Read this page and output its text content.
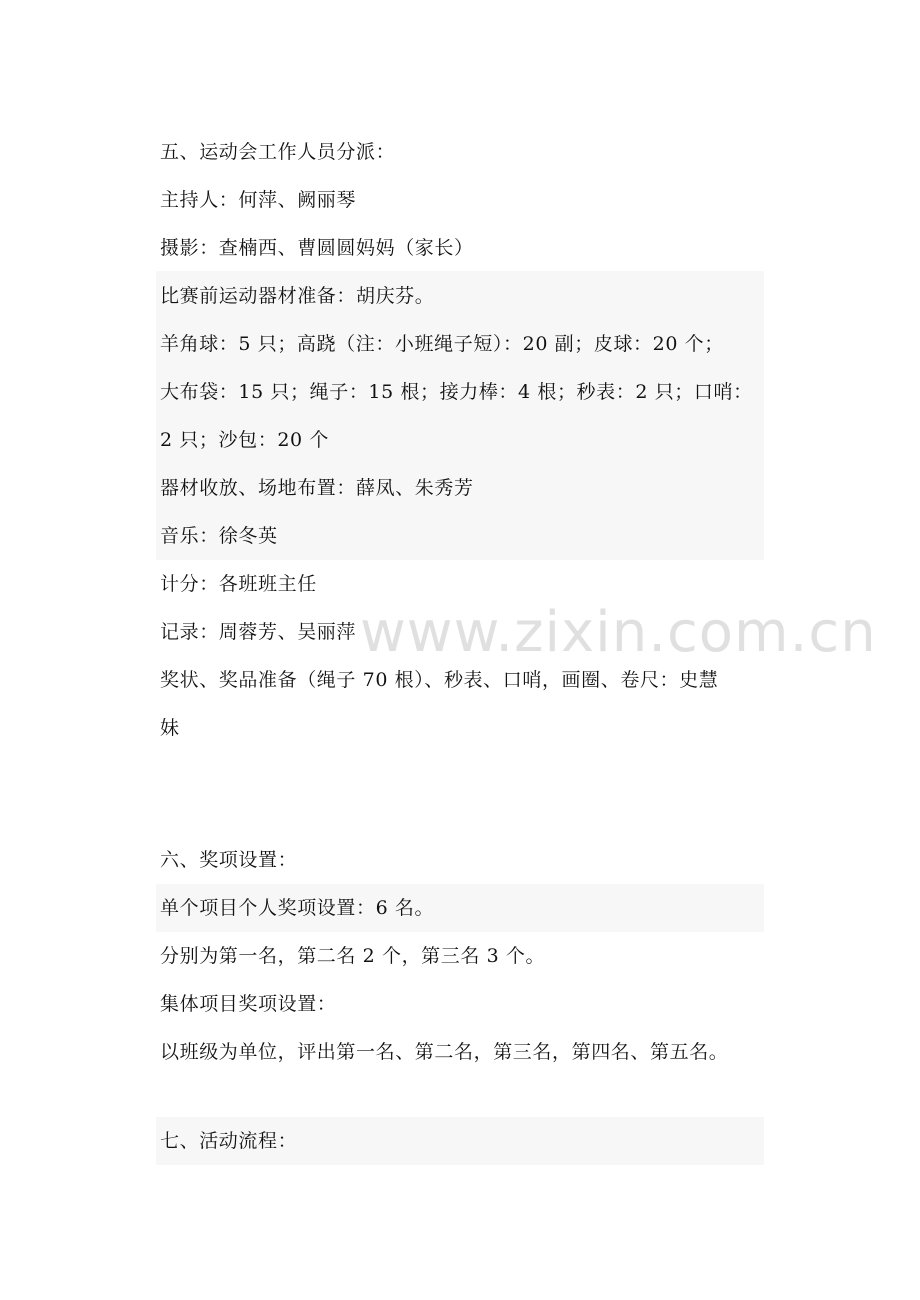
五、运动会工作人员分派：
主持人：何萍、阙丽琴
摄影：查楠西、曹圆圆妈妈（家长）
比赛前运动器材准备：胡庆芬。
羊角球：5 只；高跷（注：小班绳子短）：20 副；皮球：20 个；
大布袋：15 只；绳子：15 根；接力棒：4 根；秒表：2 只；口哨：
2 只；沙包：20 个
器材收放、场地布置：薛凤、朱秀芳
音乐：徐冬英
计分：各班班主任
记录：周蓉芳、吴丽萍
奖状、奖品准备（绳子 70 根）、秒表、口哨，画圈、卷尺：史慧
妹
六、奖项设置：
单个项目个人奖项设置：6 名。
分别为第一名，第二名 2 个，第三名 3 个。
集体项目奖项设置：
以班级为单位，评出第一名、第二名，第三名，第四名、第五名。
七、活动流程：
www.zixin.com.cn
